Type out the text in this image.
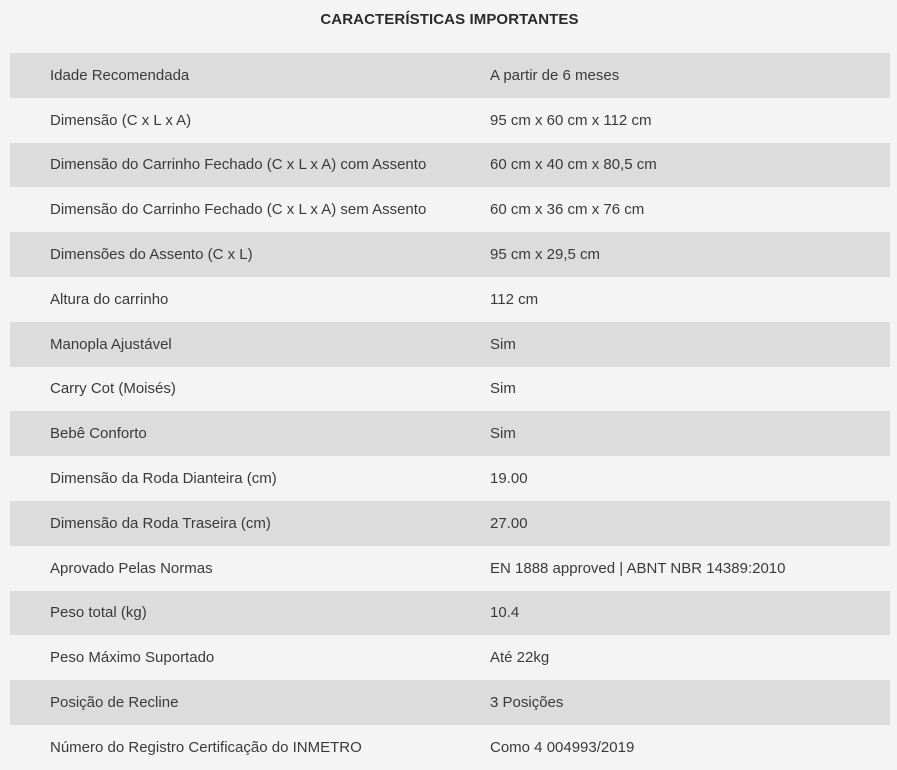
CARACTERÍSTICAS IMPORTANTES
Idade Recomendada	A partir de 6 meses
Dimensão (C x L x A)	95 cm x 60 cm x 112 cm
Dimensão do Carrinho Fechado (C x L x A) com Assento	60 cm x 40 cm x 80,5 cm
Dimensão do Carrinho Fechado (C x L x A) sem Assento	60 cm x 36 cm x 76 cm
Dimensões do Assento (C x L)	95 cm x 29,5 cm
Altura do carrinho	112 cm
Manopla Ajustável	Sim
Carry Cot (Moisés)	Sim
Bebê Conforto	Sim
Dimensão da Roda Dianteira (cm)	19.00
Dimensão da Roda Traseira (cm)	27.00
Aprovado Pelas Normas	EN 1888 approved | ABNT NBR 14389:2010
Peso total (kg)	10.4
Peso Máximo Suportado	Até 22kg
Posição de Recline	3 Posições
Número do Registro Certificação do INMETRO	Como 4 004993/2019
